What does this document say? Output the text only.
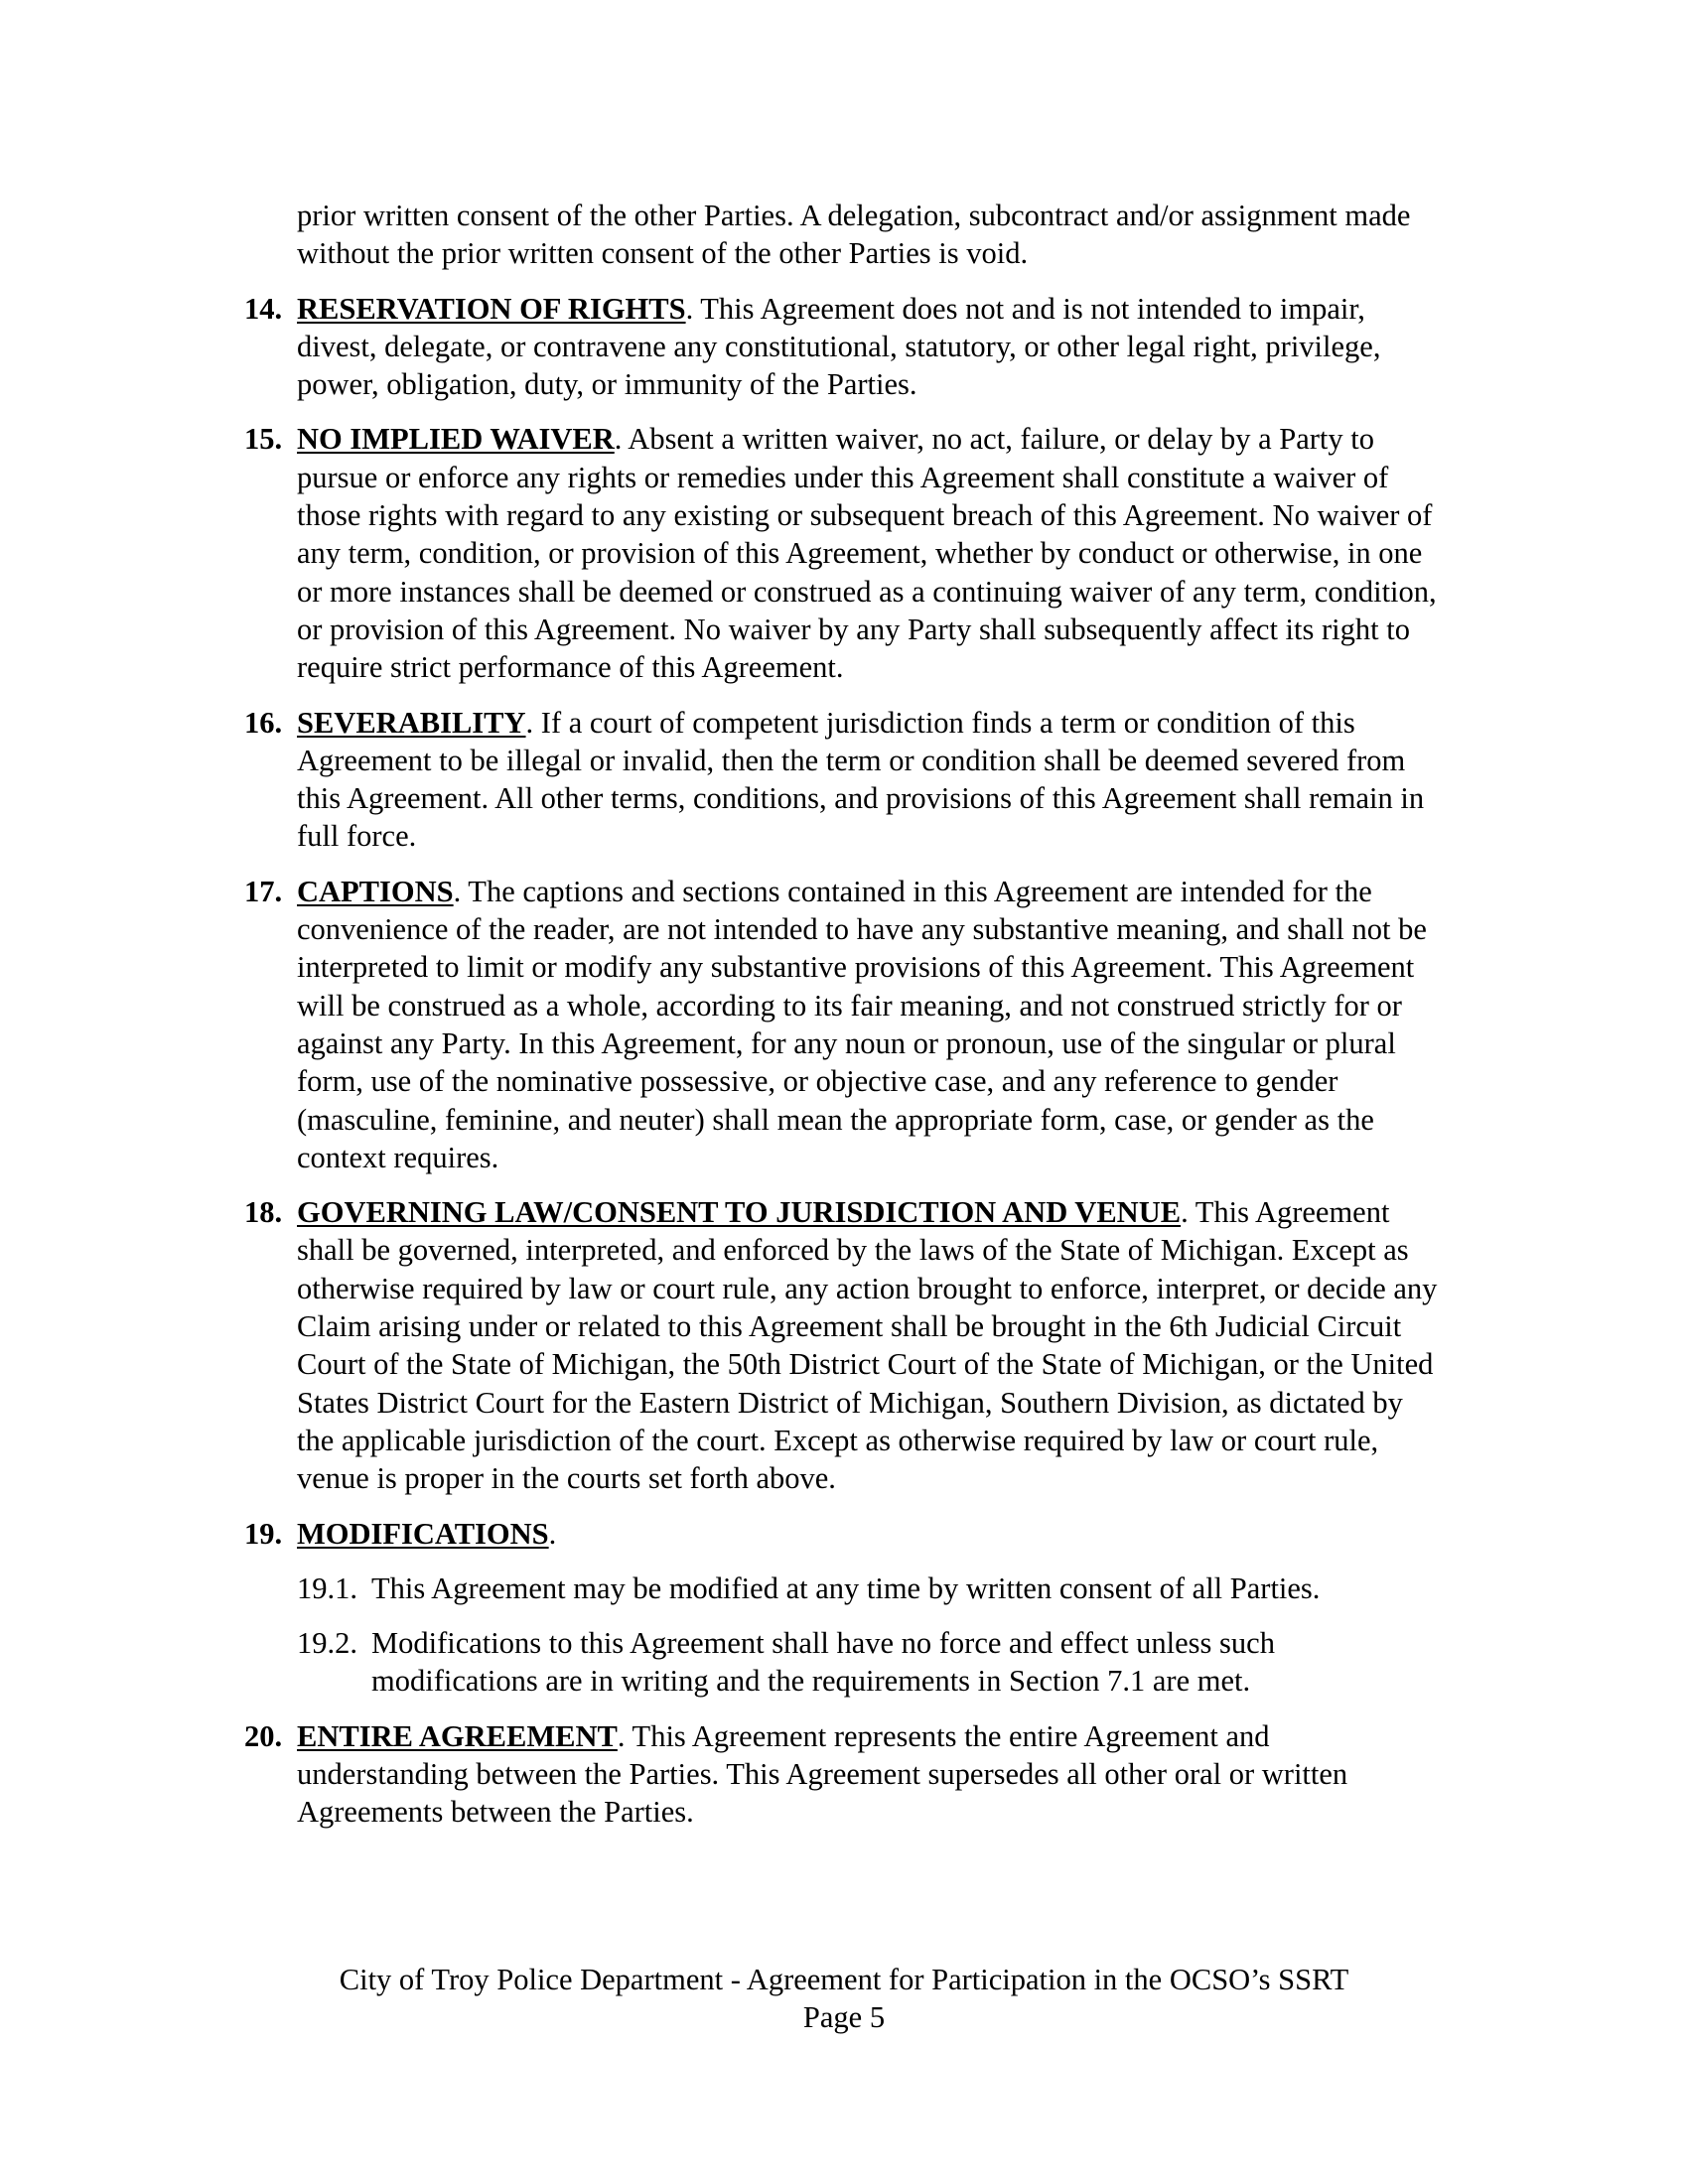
prior written consent of the other Parties. A delegation, subcontract and/or assignment made without the prior written consent of the other Parties is void.
14. RESERVATION OF RIGHTS. This Agreement does not and is not intended to impair, divest, delegate, or contravene any constitutional, statutory, or other legal right, privilege, power, obligation, duty, or immunity of the Parties.
15. NO IMPLIED WAIVER. Absent a written waiver, no act, failure, or delay by a Party to pursue or enforce any rights or remedies under this Agreement shall constitute a waiver of those rights with regard to any existing or subsequent breach of this Agreement. No waiver of any term, condition, or provision of this Agreement, whether by conduct or otherwise, in one or more instances shall be deemed or construed as a continuing waiver of any term, condition, or provision of this Agreement. No waiver by any Party shall subsequently affect its right to require strict performance of this Agreement.
16. SEVERABILITY. If a court of competent jurisdiction finds a term or condition of this Agreement to be illegal or invalid, then the term or condition shall be deemed severed from this Agreement. All other terms, conditions, and provisions of this Agreement shall remain in full force.
17. CAPTIONS. The captions and sections contained in this Agreement are intended for the convenience of the reader, are not intended to have any substantive meaning, and shall not be interpreted to limit or modify any substantive provisions of this Agreement. This Agreement will be construed as a whole, according to its fair meaning, and not construed strictly for or against any Party. In this Agreement, for any noun or pronoun, use of the singular or plural form, use of the nominative possessive, or objective case, and any reference to gender (masculine, feminine, and neuter) shall mean the appropriate form, case, or gender as the context requires.
18. GOVERNING LAW/CONSENT TO JURISDICTION AND VENUE. This Agreement shall be governed, interpreted, and enforced by the laws of the State of Michigan. Except as otherwise required by law or court rule, any action brought to enforce, interpret, or decide any Claim arising under or related to this Agreement shall be brought in the 6th Judicial Circuit Court of the State of Michigan, the 50th District Court of the State of Michigan, or the United States District Court for the Eastern District of Michigan, Southern Division, as dictated by the applicable jurisdiction of the court. Except as otherwise required by law or court rule, venue is proper in the courts set forth above.
19. MODIFICATIONS.
19.1. This Agreement may be modified at any time by written consent of all Parties.
19.2. Modifications to this Agreement shall have no force and effect unless such modifications are in writing and the requirements in Section 7.1 are met.
20. ENTIRE AGREEMENT. This Agreement represents the entire Agreement and understanding between the Parties. This Agreement supersedes all other oral or written Agreements between the Parties.
City of Troy Police Department - Agreement for Participation in the OCSO’s SSRT
Page 5
